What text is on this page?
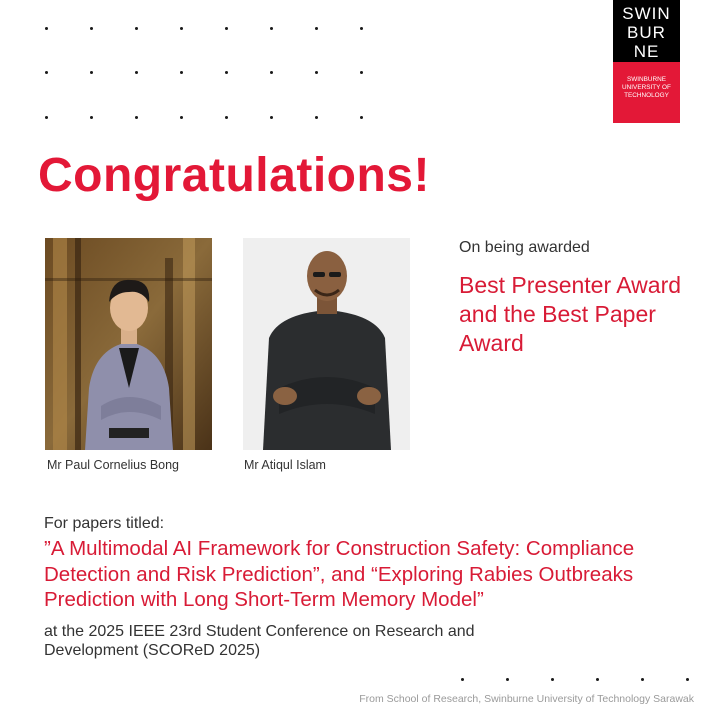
SWIN
BUR
NE
SWINBURNE
UNIVERSITY OF
TECHNOLOGY
Congratulations!
Mr Paul Cornelius Bong	Mr Atiqul Islam
On being awarded
Best Presenter Award and the Best Paper Award
For papers titled:
”A Multimodal AI Framework for Construction Safety: Compliance Detection and Risk Prediction”, and “Exploring Rabies Outbreaks Prediction with Long Short-Term Memory Model”
at the 2025 IEEE 23rd Student Conference on Research and Development (SCOReD 2025)
From School of Research, Swinburne University of Technology Sarawak
